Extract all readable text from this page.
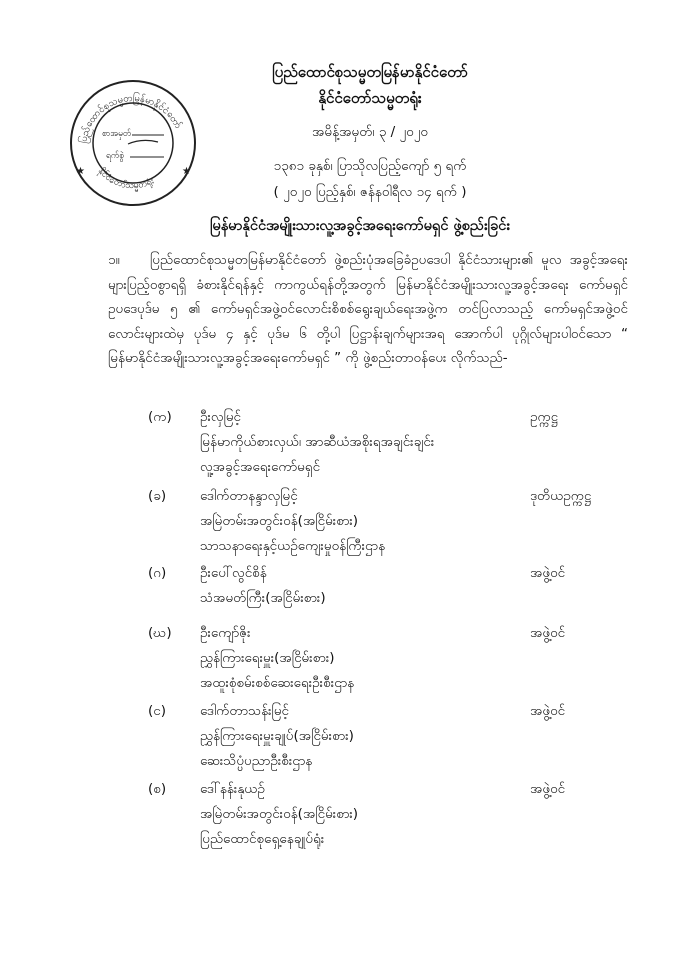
ပြည်ထောင်စုသမ္မတမြန်မာနိုင်ငံတော်
နိုင်ငံတော်သမ္မတရုံး
★	★
စာအမှတ်
ရက်စွဲ
ပြည်ထောင်စုသမ္မတမြန်မာနိုင်ငံတော်
နိုင်ငံတော်သမ္မတရုံး
အမိန့်အမှတ်၊ ၃ / ၂၀၂၀
၁၃၈၁ ခုနှစ်၊ ပြာသိုလပြည့်ကျော် ၅ ရက်
( ၂၀၂၀ ပြည့်နှစ်၊ ဇန်နဝါရီလ ၁၄ ရက် )
မြန်မာနိုင်ငံအမျိုးသားလူ့အခွင့်အရေးကော်မရှင် ဖွဲ့စည်းခြင်း
၁။ ပြည်ထောင်စုသမ္မတမြန်မာနိုင်ငံတော် ဖွဲ့စည်းပုံအခြေခံဥပဒေပါ နိုင်ငံသားများ၏ မူလ အခွင့်အရေးများပြည့်ဝစွာရရှိ ခံစားနိုင်ရန်နှင့် ကာကွယ်ရန်တို့အတွက် မြန်မာနိုင်ငံအမျိုးသားလူ့အခွင့်အရေး ကော်မရှင်ဥပဒေပုဒ်မ ၅ ၏ ကော်မရှင်အဖွဲ့ဝင်လောင်းစိစစ်ရွေးချယ်ရေးအဖွဲ့က တင်ပြလာသည့် ကော်မရှင်အဖွဲ့ဝင်လောင်းများထဲမှ ပုဒ်မ ၄ နှင့် ပုဒ်မ ၆ တို့ပါ ပြဋ္ဌာန်းချက်များအရ အောက်ပါ ပုဂ္ဂိုလ်များပါဝင်သော “ မြန်မာနိုင်ငံအမျိုးသားလူ့အခွင့်အရေးကော်မရှင် ” ကို ဖွဲ့စည်းတာဝန်ပေး လိုက်သည်-
(က)	ဦးလှမြင့်	ဥက္ကဋ္ဌ
မြန်မာကိုယ်စားလှယ်၊ အာဆီယံအစိုးရအချင်းချင်း
လူ့အခွင့်အရေးကော်မရှင်
(ခ)	ဒေါက်တာနန္ဒာလှမြင့်	ဒုတိယဥက္ကဋ္ဌ
အမြဲတမ်းအတွင်းဝန်(အငြိမ်းစား)
သာသနာရေးနှင့်ယဉ်ကျေးမှုဝန်ကြီးဌာန
(ဂ)	ဦးပေါ်လွင်စိန်	အဖွဲ့ဝင်
သံအမတ်ကြီး(အငြိမ်းစား)
(ဃ)	ဦးကျော်ဇိုး	အဖွဲ့ဝင်
ညွှန်ကြားရေးမှူး(အငြိမ်းစား)
အထူးစုံစမ်းစစ်ဆေးရေးဦးစီးဌာန
(င)	ဒေါက်တာသန်းမြင့်	အဖွဲ့ဝင်
ညွှန်ကြားရေးမှူးချုပ်(အငြိမ်းစား)
ဆေးသိပ္ပံပညာဦးစီးဌာန
(စ)	ဒေါ်နန်းနုယဉ်	အဖွဲ့ဝင်
အမြဲတမ်းအတွင်းဝန်(အငြိမ်းစား)
ပြည်ထောင်စုရှေ့နေချုပ်ရုံး
